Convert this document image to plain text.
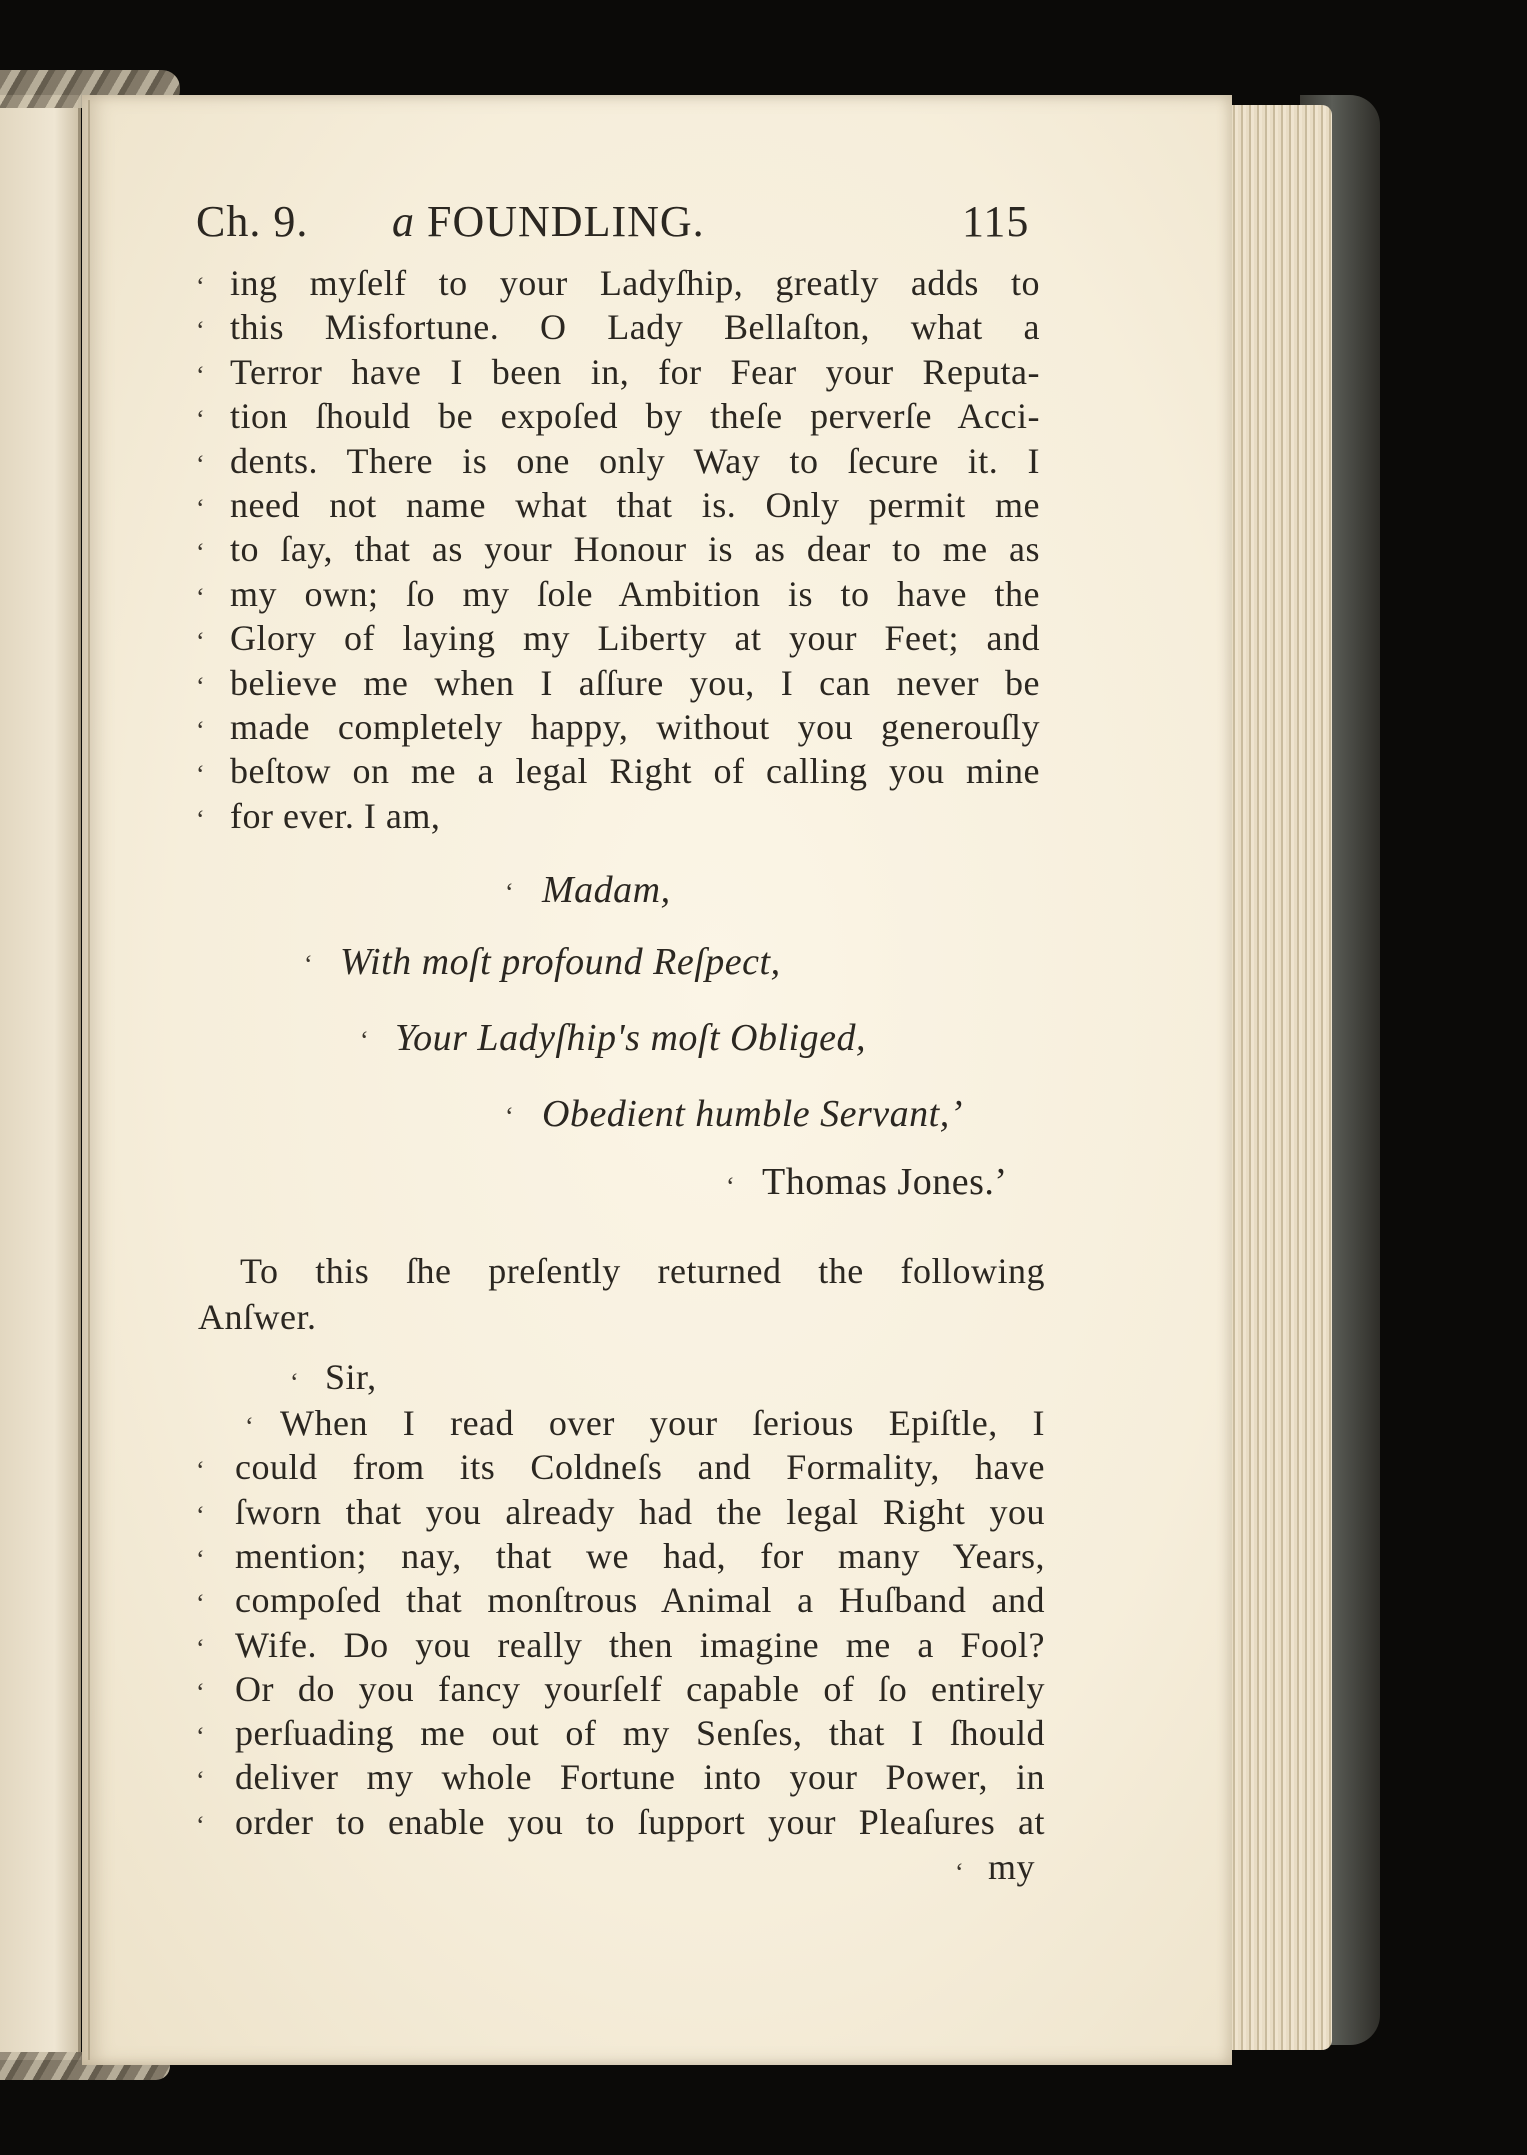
Ch. 9. a FOUNDLING.	115
‘ ing myſelf to your Ladyſhip, greatly adds to
‘ this Misfortune. O Lady Bellaſton, what a
‘ Terror have I been in, for Fear your Reputa-
‘ tion ſhould be expoſed by theſe perverſe Acci-
‘ dents. There is one only Way to ſecure it. I
‘ need not name what that is. Only permit me
‘ to ſay, that as your Honour is as dear to me as
‘ my own; ſo my ſole Ambition is to have the
‘ Glory of laying my Liberty at your Feet; and
‘ believe me when I aſſure you, I can never be
‘ made completely happy, without you generouſly
‘ beſtow on me a legal Right of calling you mine
‘ for ever. I am,
‘ Madam,
‘ With moſt profound Reſpect,
‘ Your Ladyſhip's moſt Obliged,
‘ Obedient humble Servant,’
‘ Thomas Jones.’
To this ſhe preſently returned the following
Anſwer.
‘ Sir,
‘ When I read over your ſerious Epiſtle, I
‘ could from its Coldneſs and Formality, have
‘ ſworn that you already had the legal Right you
‘ mention; nay, that we had, for many Years,
‘ compoſed that monſtrous Animal a Huſband and
‘ Wife. Do you really then imagine me a Fool?
‘ Or do you fancy yourſelf capable of ſo entirely
‘ perſuading me out of my Senſes, that I ſhould
‘ deliver my whole Fortune into your Power, in
‘ order to enable you to ſupport your Pleaſures at
‘ my
